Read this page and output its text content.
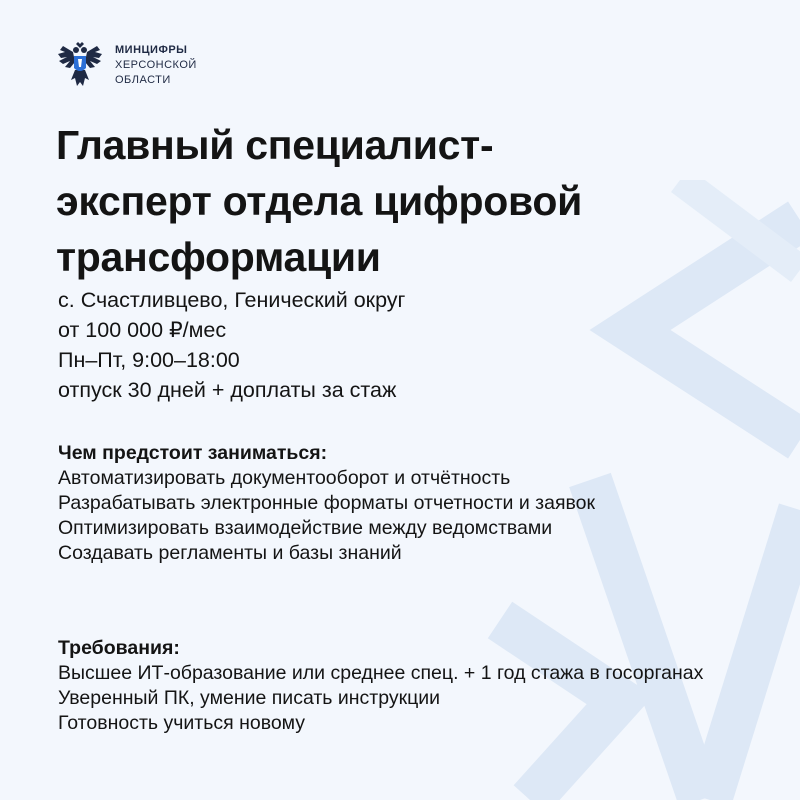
МИНЦИФРЫ
ХЕРСОНСКОЙ
ОБЛАСТИ
Главный специалист-
эксперт отдела цифровой
трансформации
с. Счастливцево, Генический округ
от 100 000 ₽/мес
Пн–Пт, 9:00–18:00
отпуск 30 дней + доплаты за стаж
Чем предстоит заниматься:
Автоматизировать документооборот и отчётность
Разрабатывать электронные форматы отчетности и заявок
Оптимизировать взаимодействие между ведомствами
Создавать регламенты и базы знаний
Требования:
Высшее ИТ-образование или среднее спец. + 1 год стажа в госорганах
Уверенный ПК, умение писать инструкции
Готовность учиться новому
